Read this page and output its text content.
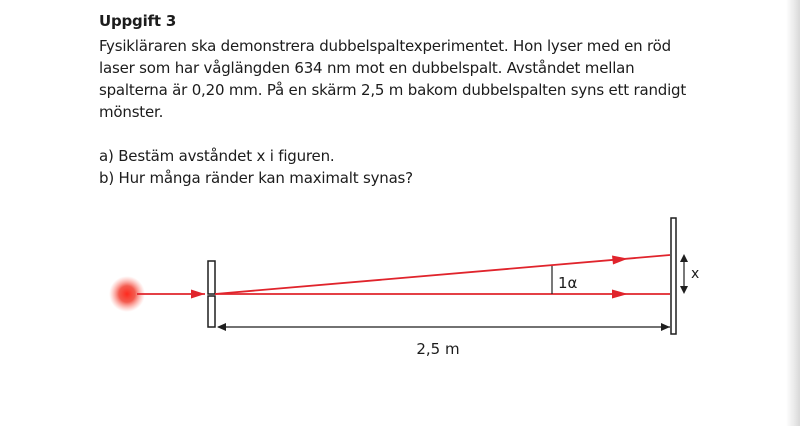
Uppgift 3
Fysikläraren ska demonstrera dubbelspaltexperimentet. Hon lyser med en röd
laser som har våglängden 634 nm mot en dubbelspalt. Avståndet mellan
spalterna är 0,20 mm. På en skärm 2,5 m bakom dubbelspalten syns ett randigt
mönster.
a) Bestäm avståndet x i figuren.
b) Hur många ränder kan maximalt synas?
1α	x
2,5 m
